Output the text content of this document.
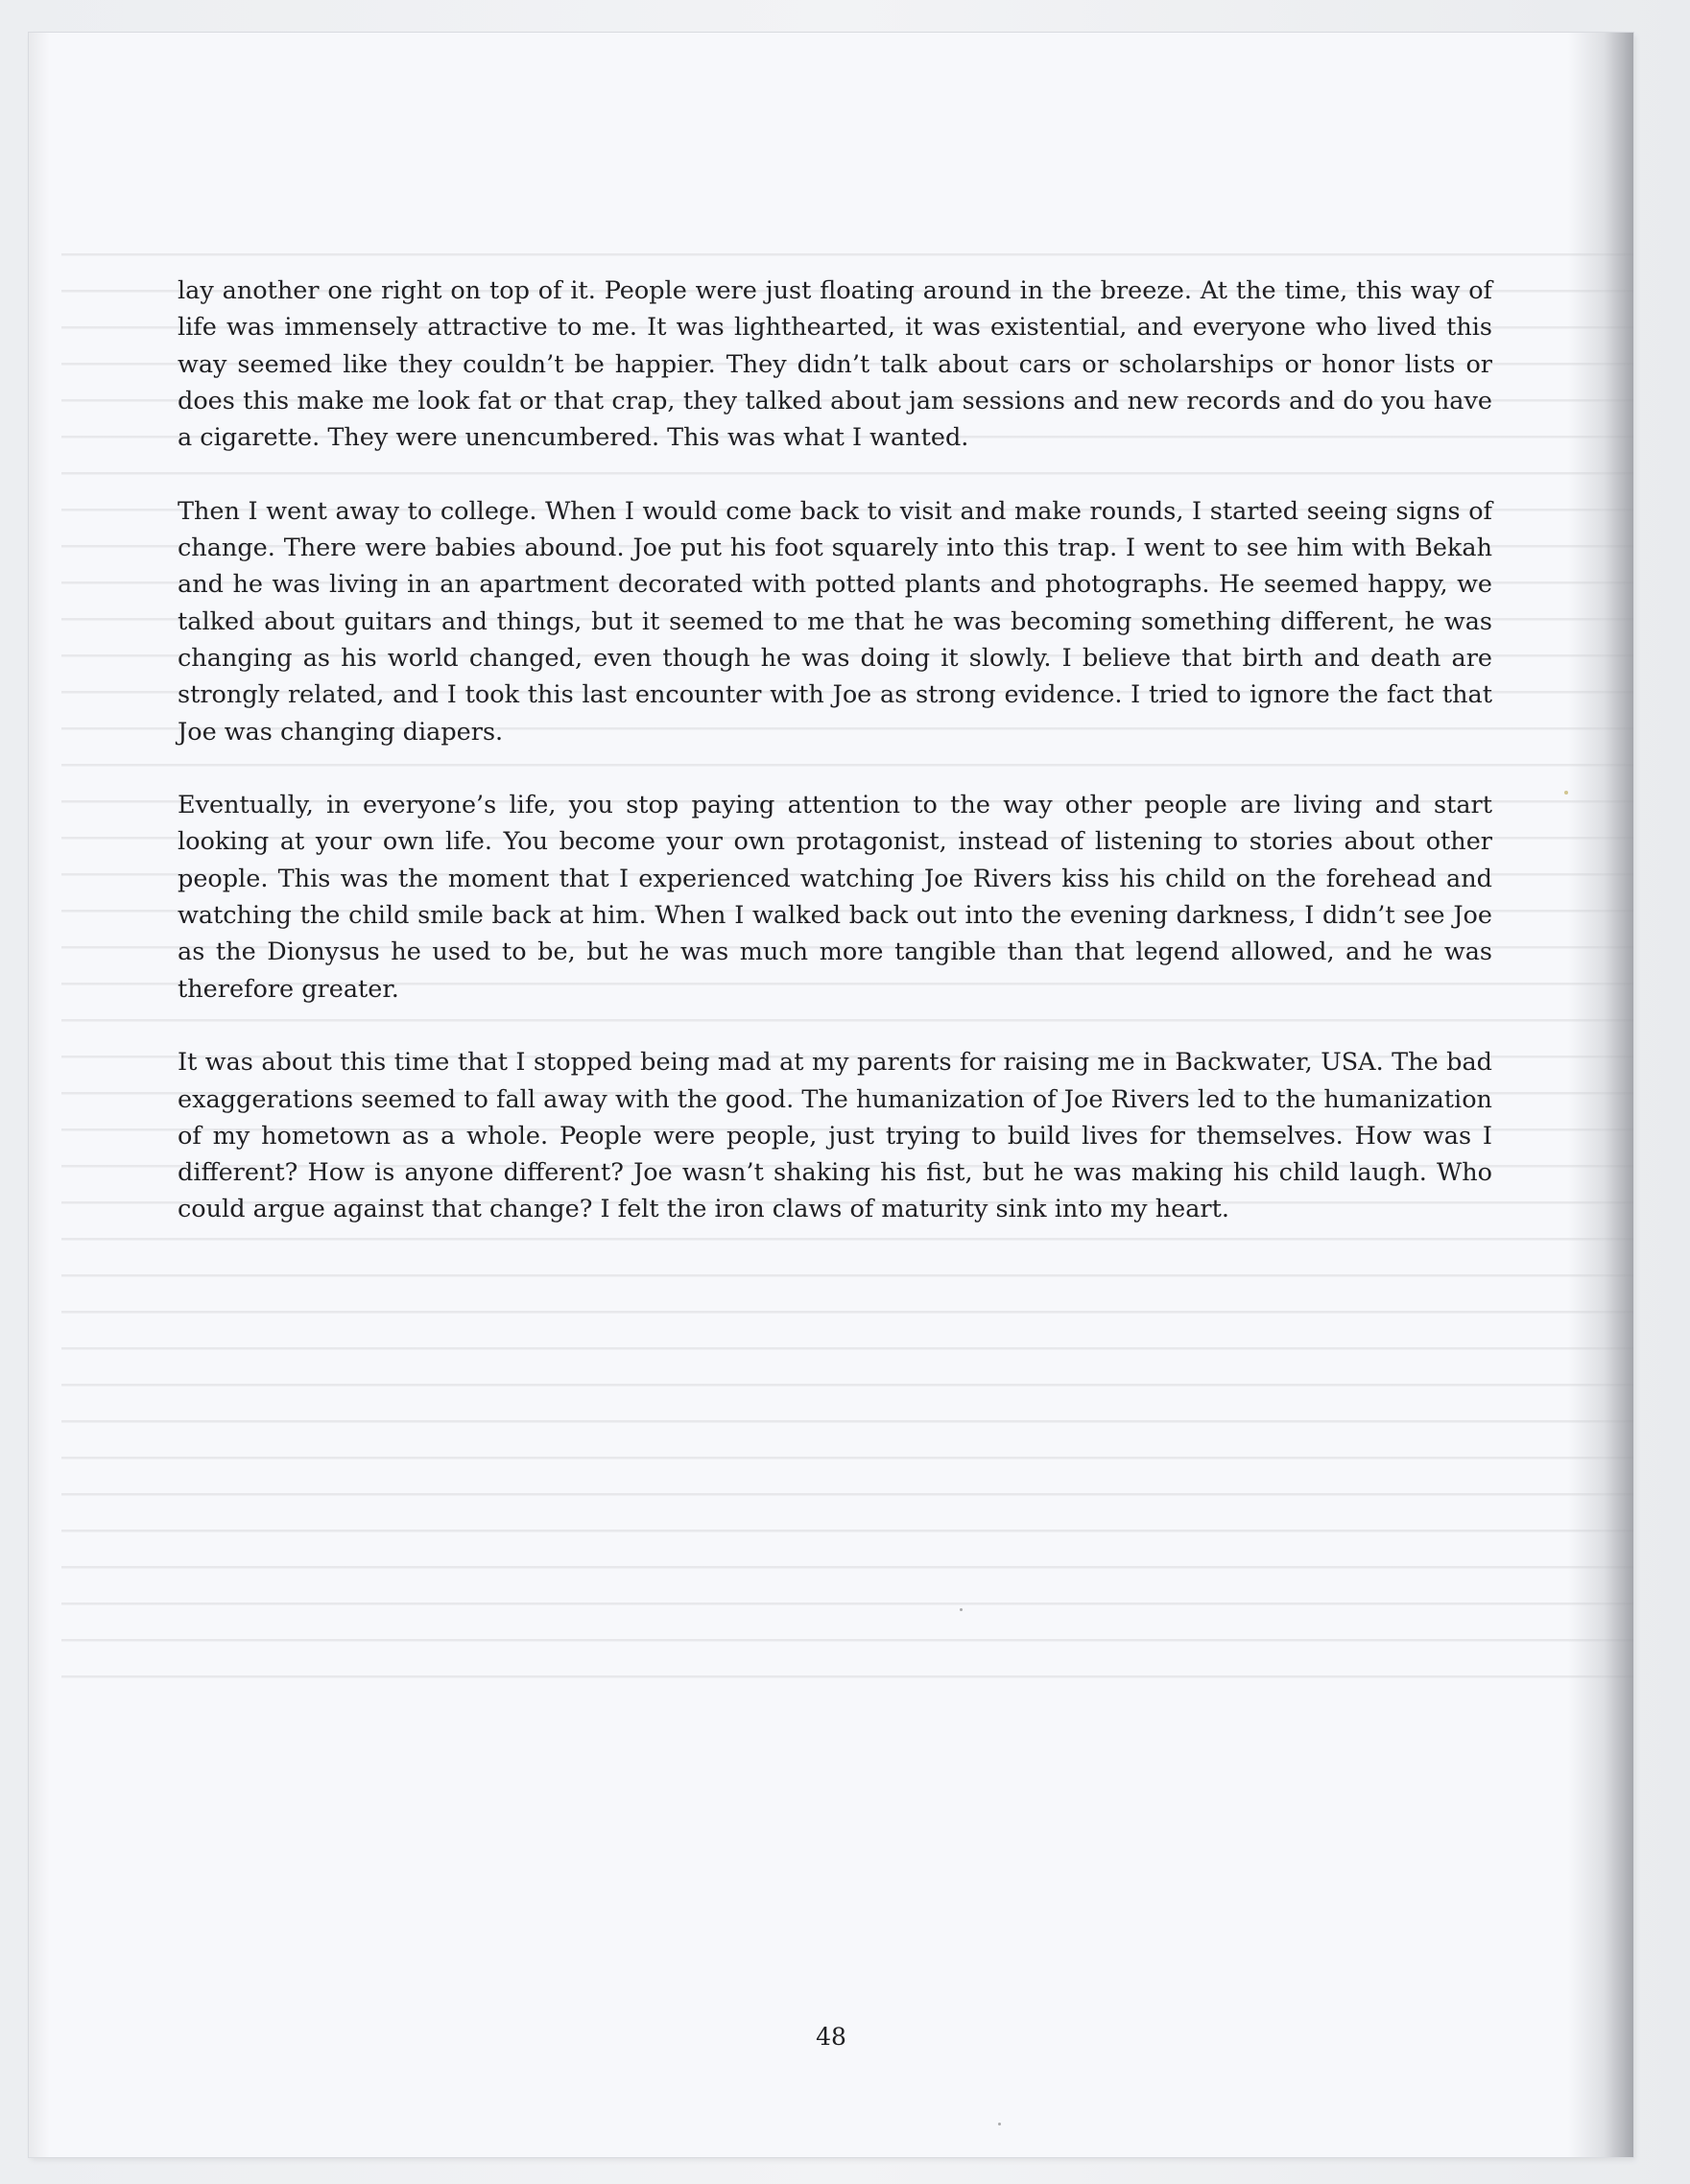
lay another one right on top of it. People were just floating around in the breeze. At the time, this way of life was immensely attractive to me. It was lighthearted, it was existential, and everyone who lived this way seemed like they couldn’t be happier. They didn’t talk about cars or scholarships or honor lists or does this make me look fat or that crap, they talked about jam sessions and new records and do you have a cigarette. They were unencumbered. This was what I wanted.

Then I went away to college. When I would come back to visit and make rounds, I started seeing signs of change. There were babies abound. Joe put his foot squarely into this trap. I went to see him with Bekah and he was living in an apartment decorated with potted plants and photographs. He seemed happy, we talked about guitars and things, but it seemed to me that he was becoming something different, he was changing as his world changed, even though he was doing it slowly. I believe that birth and death are strongly related, and I took this last encounter with Joe as strong evidence. I tried to ignore the fact that Joe was changing diapers.

Eventually, in everyone’s life, you stop paying attention to the way other people are living and start looking at your own life. You become your own protagonist, instead of listening to stories about other people. This was the moment that I experienced watching Joe Rivers kiss his child on the forehead and watching the child smile back at him. When I walked back out into the evening darkness, I didn’t see Joe as the Dionysus he used to be, but he was much more tangible than that legend allowed, and he was therefore greater.

It was about this time that I stopped being mad at my parents for raising me in Backwater, USA. The bad exaggerations seemed to fall away with the good. The humanization of Joe Rivers led to the humanization of my hometown as a whole. People were people, just trying to build lives for themselves. How was I different? How is anyone different? Joe wasn’t shaking his fist, but he was making his child laugh. Who could argue against that change? I felt the iron claws of maturity sink into my heart.

48
